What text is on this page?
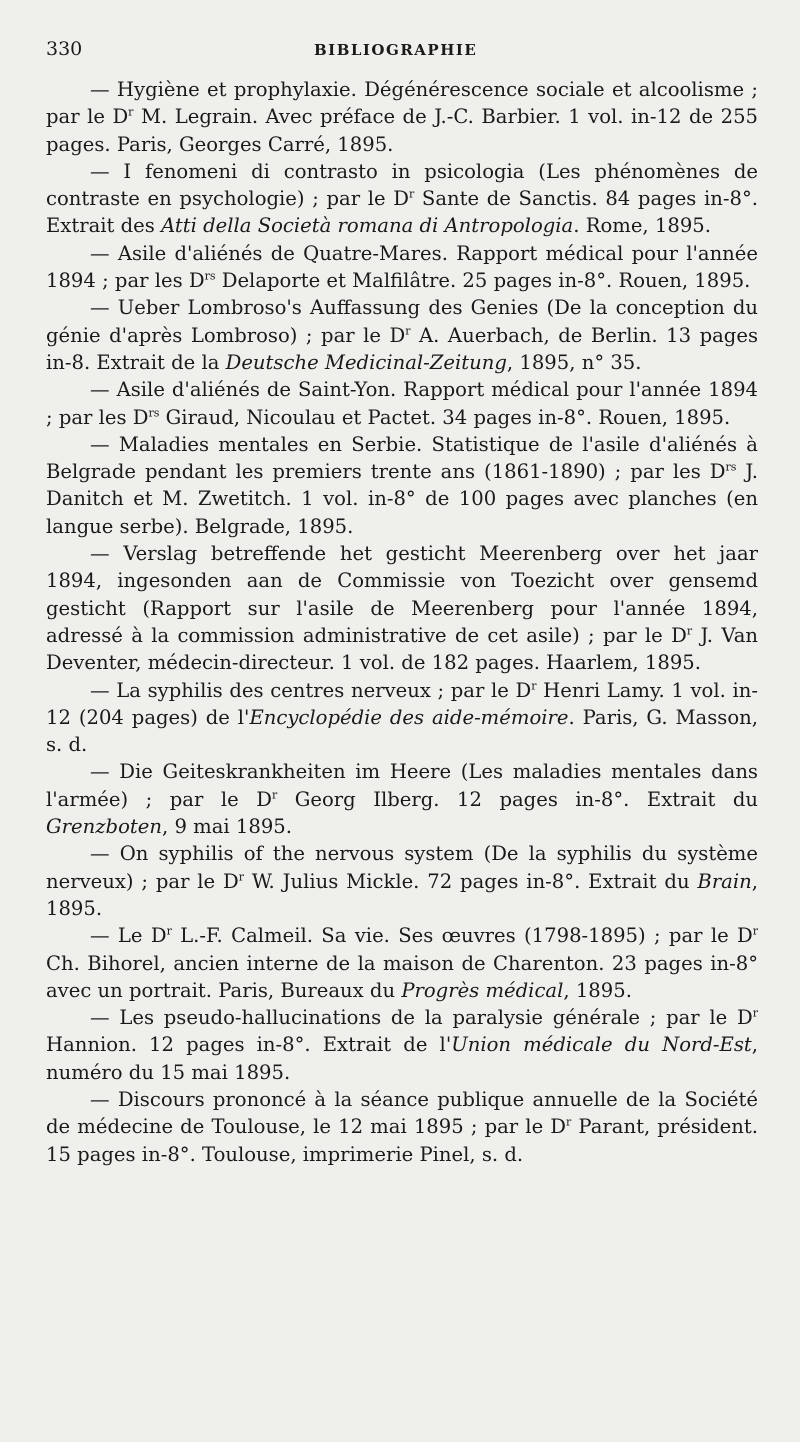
330	BIBLIOGRAPHIE

— Hygiène et prophylaxie. Dégénérescence sociale et alcoolisme ; par le $D^r$ M. Legrain. Avec préface de J.-C. Barbier. 1 vol. in-12 de 255 pages. Paris, Georges Carré, 1895.

— I fenomeni di contrasto in psicologia (Les phénomènes de contraste en psychologie) ; par le $D^r$ Sante de Sanctis. 84 pages in-8°. Extrait des Atti della Società romana di Antropologia. Rome, 1895.

— Asile d'aliénés de Quatre-Mares. Rapport médical pour l'année 1894 ; par les $D^{rs}$ Delaporte et Malfilâtre. 25 pages in-8°. Rouen, 1895.

— Ueber Lombroso's Auffassung des Genies (De la conception du génie d'après Lombroso) ; par le $D^r$ A. Auerbach, de Berlin. 13 pages in-8. Extrait de la Deutsche Medicinal-Zeitung, 1895, n° 35.

— Asile d'aliénés de Saint-Yon. Rapport médical pour l'année 1894 ; par les $D^{rs}$ Giraud, Nicoulau et Pactet. 34 pages in-8°. Rouen, 1895.

— Maladies mentales en Serbie. Statistique de l'asile d'aliénés à Belgrade pendant les premiers trente ans (1861-1890) ; par les $D^{rs}$ J. Danitch et M. Zwetitch. 1 vol. in-8° de 100 pages avec planches (en langue serbe). Belgrade, 1895.

— Verslag betreffende het gesticht Meerenberg over het jaar 1894, ingesonden aan de Commissie von Toezicht over gensemd gesticht (Rapport sur l'asile de Meerenberg pour l'année 1894, adressé à la commission administrative de cet asile) ; par le $D^r$ J. Van Deventer, médecin-directeur. 1 vol. de 182 pages. Haarlem, 1895.

— La syphilis des centres nerveux ; par le $D^r$ Henri Lamy. 1 vol. in-12 (204 pages) de l'Encyclopédie des aide-mémoire. Paris, G. Masson, s. d.

— Die Geiteskrankheiten im Heere (Les maladies mentales dans l'armée) ; par le $D^r$ Georg Ilberg. 12 pages in-8°. Extrait du Grenzboten, 9 mai 1895.

— On syphilis of the nervous system (De la syphilis du système nerveux) ; par le $D^r$ W. Julius Mickle. 72 pages in-8°. Extrait du Brain, 1895.

— Le $D^r$ L.-F. Calmeil. Sa vie. Ses œuvres (1798-1895) ; par le $D^r$ Ch. Bihorel, ancien interne de la maison de Charenton. 23 pages in-8° avec un portrait. Paris, Bureaux du Progrès médical, 1895.

— Les pseudo-hallucinations de la paralysie générale ; par le $D^r$ Hannion. 12 pages in-8°. Extrait de l'Union médicale du Nord-Est, numéro du 15 mai 1895.

— Discours prononcé à la séance publique annuelle de la Société de médecine de Toulouse, le 12 mai 1895 ; par le $D^r$ Parant, président. 15 pages in-8°. Toulouse, imprimerie Pinel, s. d.
